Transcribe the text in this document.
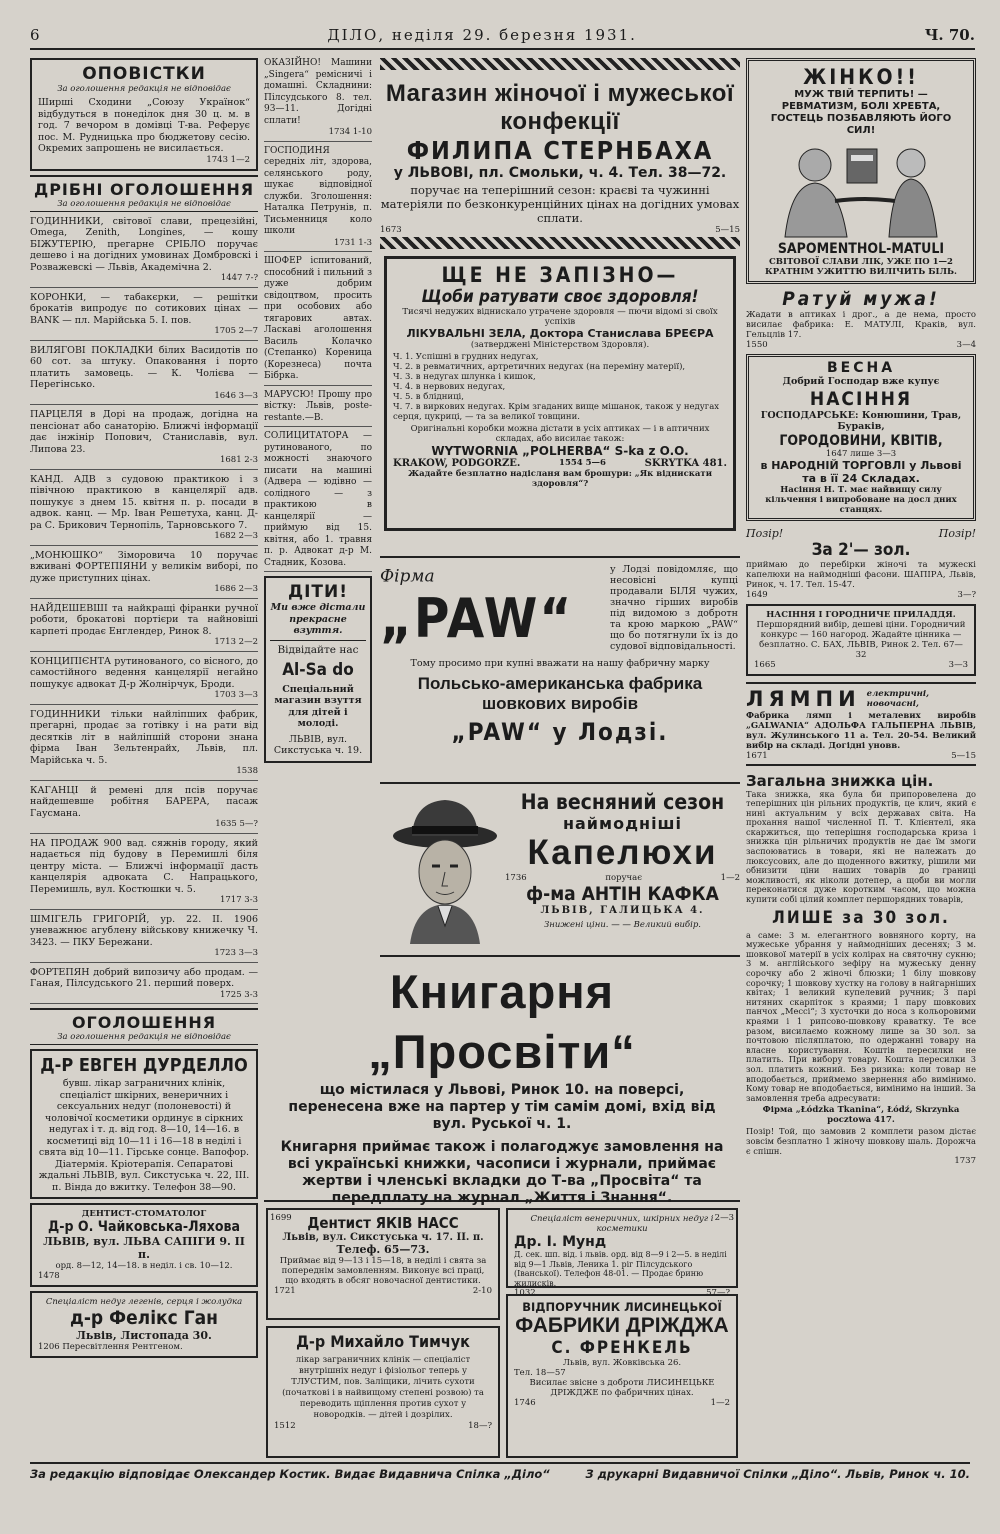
6	ДІЛО, неділя 29. березня 1931.	Ч. 70.
ОПОВІСТКИ
За оголошення редакція не відповідає
Ширші Сходини „Союзу Українок“ відбудуться в понеділок дня 30 ц. м. в год. 7 вечором в домівці Т-ва. Реферує пос. М. Рудницька про бюджетову сесію. Окремих запрошень не висилається.
1743 1—2
ДРІБНІ ОГОЛОШЕННЯ
За оголошення редакція не відповідає
ГОДИННИКИ, світової слави, прецезійні, Omega, Zenith, Longines, — кошу БІЖУТЕРІЮ, прегарне СРІБЛО поручає дешево і на догідних умовинах Домбровскі і Розважевскі — Львів, Академічна 2.
1447 7-?
КОРОНКИ, — табакєрки, — решітки брокатів випродує по сотикових цінах — BANK — пл. Марійська 5. І. пов.
1705 2—7
ВИЛЯГОВІ ПОКЛАДКИ білих Васидотів по 60 сот. за штуку. Опаковання і порто платить замовець. — К. Чолієва — Перегінсько.
1646 3—3
ПАРЦЕЛЯ в Дорі на продаж, догідна на пенсіонат або санаторію. Ближчі інформації дає інжінір Попович, Станиславів, вул. Липова 23.
1681 2-3
КАНД. АДВ з судовою практикою і з півічною практикою в канцелярії адв. пошукує з днем 15. квітня п. р. посади в адвок. канц. — Мр. Іван Решетуха, канц. Д-ра С. Брикович Тернопіль, Тарновського 7.
1682 2—3
„МОНЮШКО“ Зіморовича 10 поручає вживані ФОРТЕПІЯНИ у великім виборі, по дуже приступних цінах.
1686 2—3
НАЙДЕШЕВШІ та найкращі фіранки ручної роботи, брокатові портієри та найновіші карпеті продає Енглендер, Ринок 8.
1713 2—2
КОНЦИПІЄНТА рутинованого, со вісного, до самостійного ведення канцелярії негайно пошукує адвокат Д-р Жолнірчук, Броди.
1703 3—3
ГОДИННИКИ тільки найліпших фабрик, прегарні, продає за готівку і на рати від десятків літ в найліпшій сторони знана фірма Іван Зельтенрайх, Львів, пл. Марійська ч. 5.
1538
КАГАНЦІ й ремені для псів поручає найдешевше робітня БАРЕРА, пасаж Гаусмана.
1635 5—?
НА ПРОДАЖ 900 вад. сяжнів городу, який надається під будову в Перемишлі біля центру міста. — Ближчі інформації дасть канцелярія адвоката С. Напрацького, Перемишль, вул. Костюшки ч. 5.
1717 3-3
ШМІГЕЛЬ ГРИГОРІЙ, ур. 22. II. 1906 уневажнює агублену військову книжечку Ч. 3423. — ПКУ Бережани.
1723 3—3
ФОРТЕПЯН добрий випозичу або продам. — Ганая, Пілсудського 21. перший поверх.
1725 3-3
ОГОЛОШЕННЯ
За оголошення редакція не відповідає
Д-Р ЕВГЕН ДУРДЕЛЛО
бувш. лікар заграничних клінік, спеціаліст шкірних, венеричних і сексуальних недуг (полоневості) й чоловічої косметики ординує в сіркних недугах і т. д. від год. 8—10, 14—16. в косметиці від 10—11 і 16—18 в неділі і свята від 10—11. Гірське сонце. Вапофор. Діатермія. Кріотерапія. Сепаратові ждальні ЛЬВІВ, вул. Сикстуська ч. 22, III. п. Вінда до вжитку. Телефон 38—90.
ДЕНТИСТ-СТОМАТОЛОГ
Д-р О. Чайковська-Ляхова
ЛЬВІВ, вул. ЛЬВА САПІГИ 9. II п.
орд. 8—12, 14—18. в неділ. і св. 10—12.
1478
Спеціаліст недуг легенів, серця і жолудка
д-р Фелікс Ган
Львів, Листопада 30.
1206 Пересвітлення Рентгеном.
ОКАЗІЙНО! Машини „Singera“ ремісничі і домашні. Складнини: Пілсудського 8. тел. 93—11. Догідні сплати!
1734 1-10
ГОСПОДИНЯ середніх літ, здорова, селянського роду, шукає відповідної служби. Зголошення: Наталка Петрунів, п. Тисьменниця коло школи
1731 1-3
ШОФЕР іспитований, способний і пильний з дуже добрим свідоцтвом, просить при особових або тягарових автах. Ласкаві аголошення Василь Колачко (Степанко) Кореница (Корезнеса) почта Бібрка.
МАРУСЮ! Прошу про вістку: Львів, poste-restante.—В.
СОЛИЦИТАТОРА — рутинованого, по можності знаючого писати на машині (Адвера — юдівно — солідного — з практикою в канцелярії — приймую від 15. квітня, або 1. травня п. р. Адвокат д-р М. Стадник, Козова.
ДІТИ!
Ми вже дістали прекрасне взуття.
Відвідайте нас
Al-Sa do
Спеціальний магазин взуття для дітей і молоді.
ЛЬВІВ, вул. Сикстуська ч. 19.
Магазин жіночої і мужеської конфекції
ФИЛИПА СТЕРНБАХА
у ЛЬВОВІ, пл. Смольки, ч. 4. Тел. 38—72.
поручає на теперішний сезон: краєві та чужинні матеріяли по безконкуренційних цінах на догідних умовах сплати.
1673	5—15
ЩЕ НЕ ЗАПІЗНО—
Щоби ратувати своє здоровля!
Тисячі недужих віднискало утрачене здоровля — пючи відомі зі своїх успіхів
ЛІКУВАЛЬНІ ЗЕЛА, Доктора Станислава БРЕЄРА
(затверджені Міністерством Здоровля).
Ч. 1. Успішні в грудних недугах,
Ч. 2. в ревматичних, артретичних недугах (на переміну матерії),
Ч. 3. в недугах шлунка і кишок,
Ч. 4. в нервових недугах,
Ч. 5. в блідниці,
Ч. 7. в виркових недугах. Крім згаданих вище мішанок, також у недугах серця, цукриці, — та за великої товщини.
Оригінальні коробки можна дістати в усіх аптиках — і в аптичних складах, або висилає також:
WYTWORNIA „POLHERBA“ S-ka z O.O.
KRAKOW, PODGORZE.	1554 5—6	SKRYTKA 481.
Жадайте безплатно надісланя вам брошури: „Як віднискати здоровля“?
Фірма „PAW“
у Лодзі повідомляє, що несовісні купці продавали БІЛЯ чужих, значно гірших виробів під видомою з добротн та крою маркою „PAW“ що бо потягнули їх із до судової відповідальності.
Тому просимо при купні вважати на нашу фабричну марку
Польсько-американська фабрика шовкових виробів
„PAW“ у Лодзі.
На весняний сезон
наймодніші
Капелюхи
1736	поручає	1—2
ф-ма АНТІН КАФКА
ЛЬВІВ, ГАЛИЦЬКА 4.
Знижені ціни. — — Великий вибір.
Книгарня „Просвіти“
що містилася у Львові, Ринок 10. на поверсі, перенесена вже на партер у тім самім домі, вхід від вул. Руської ч. 1.
Книгарня приймає також і полагоджує замовлення на всі українські книжки, часописи і журнали, приймає жертви і членські вкладки до Т-ва „Просвіта“ та передплату на журнал „Життя і Знання“.
1699	2—3
Дентист ЯКІВ НАСС
Львів, вул. Сикстуська ч. 17. II. п.
Телеф. 65—73.
Приймає від 9—13 і 15—18, в неділі і свята за попереднім замовленням. Виконує всі праці, що входять в обсяг новочасної дентистики.
1721	2-10
Спеціаліст венеричних, шкірних недуг і косметики
Др. І. Мунд
Д. сек. шп. від. і львів. орд. від 8—9 і 2—5. в неділі від 9—1 Львів, Леника 1. ріг Пілсудського (Іванської). Телефон 48-01. — Продає бриню жилисків.
1032	57—?
Д-р Михайло Тимчук
лікар заграничних клінік — спеціаліст внутрішніх недуг і фізіольог теперь у ТЛУСТИМ, пов. Заліщики, лічить сухоти (початкові і в найвищому степені розвою) та переводить щіплення против сухот у новородків. — дітей і дозрілих.
1512	18—?
ВІДПОРУЧНИК ЛИСИНЕЦЬКОЇ
ФАБРИКИ ДРІЖДЖА
С. ФРЕНКЕЛЬ
Львів, вул. Жовківська 26.
Тел. 18—57
Висилає звісне з доброти ЛИСИНЕЦЬКЕ ДРІЖДЖЕ по фабричних цінах.
1746	1—2
ЖІНКО!!
МУЖ ТВІЙ ТЕРПИТЬ! — РЕВМАТИЗМ, БОЛІ ХРЕБТА, ГОСТЕЦЬ ПОЗБАВЛЯЮТЬ ЙОГО СИЛ!
SAPOMENTHOL-MATULI
СВІТОВОЇ СЛАВИ ЛІК, УЖЕ ПО 1—2 КРАТНІМ УЖИТТЮ ВИЛІЧИТЬ БІЛЬ.
Ратуй мужа!
Жадати в аптиках і дрог., а де нема, просто висилає фабрика: Е. МАТУЛІ, Краків, вул. Гельцлів 17.
1550	3—4
ВЕСНА
Добрий Господар вже купує
НАСІННЯ
ГОСПОДАРСЬКЕ: Конюшини, Трав, Бураків,
ГОРОДОВИНИ, КВІТІВ,
1647 лише 3—3
в НАРОДНІЙ ТОРГОВЛІ у Львові та в її 24 Складах.
Насіння Н. Т. має найвищу силу кільчення і випробоване на досл дних станцях.
Позір!	Позір!
За 2'— зол.
приймаю до перебірки жіночі та мужескі капелюхи на наймодніші фасони. ШАПІРА, Львів, Ринок, ч. 17. Тел. 15-47.
1649	3—?
НАСІННЯ І ГОРОДНИЧЕ ПРИЛАДДЯ.
Першорядний вибір, дешеві ціни. Городничий конкурс — 160 нагород. Жадайте цінника — безплатно. С. БАХ, ЛЬВІВ, Ринок 2. Тел. 67—32
1665	3—3
ЛЯМПИ електричні, новочасні,
Фабрика лямп і металевих виробів „GALWANIA“ АДОЛЬФА ГАЛЬПЕРНА ЛЬВІВ, вул. Жулинського 11 а. Тел. 20-54. Великий вибір на складі. Догідні уновв.
1671	5—15
Загальна знижка цін.
Така знижка, яка була би припоровелена до теперішних цін рільних продуктів, це клич, який є нині актуальним у всіх державах світа. На прохання нашої численної П. Т. Клієнтелі, яка скаржиться, що теперішня господарська криза і знижка цін рільничих продуктів не дає їм змоги заспоюватись в товари, які не належать до люксусових, але до щоденного вжитку, рішили ми обнизити ціни наших товарів до границі можливості, як ніколи дотепер, а щоби ви могли переконатися дуже коротким часом, що можна купити собі цілий комплет першорядних товарів,
ЛИШЕ за 30 зол.
а саме: 3 м. елегантного вовняного корту, на мужеське убрання у наймодніших десенях; 3 м. шовкової матерії в усіх колірах на святочну сукню; 3 м. англійського зефіру на мужеську денну сорочку або 2 жіночі блюзки; 1 білу шовкову сорочку; 1 шовкову хустку на голову в найгарніших квітах; 1 великий купелевий ручник; 3 парі нитяних скарпіток з краями; 1 пару шовкових панчох „Мессі“; 3 хусточки до носа з кольоровими краями і 1 рипсово-шовкову краватку. Те все разом, висилаємо кожному лише за 30 зол. за почтовою післяплатою, по одержанні товару на власне користування. Коштів пересилки не платить. При вибору товару. Кошта пересилки 3 зол. платить кожний. Без ризика: коли товар не вподобається, приймемо звернення або вимінимо. Кому товар не вподобається, вимінимо на інший. За замовлення треба адресувати:
Фірма „Łódzka Tkanina“, Łódź, Skrzynka pocztowa 417.
Позір! Той, що замовив 2 комплети разом дістає зовсім безплатно 1 жіночу шовкову шаль. Дорожча є спішн.
1737
За редакцію відповідає Олександер Костик. Видає Видавнича Спілка „Діло“	З друкарні Видавничої Спілки „Діло“. Львів, Ринок ч. 10.
